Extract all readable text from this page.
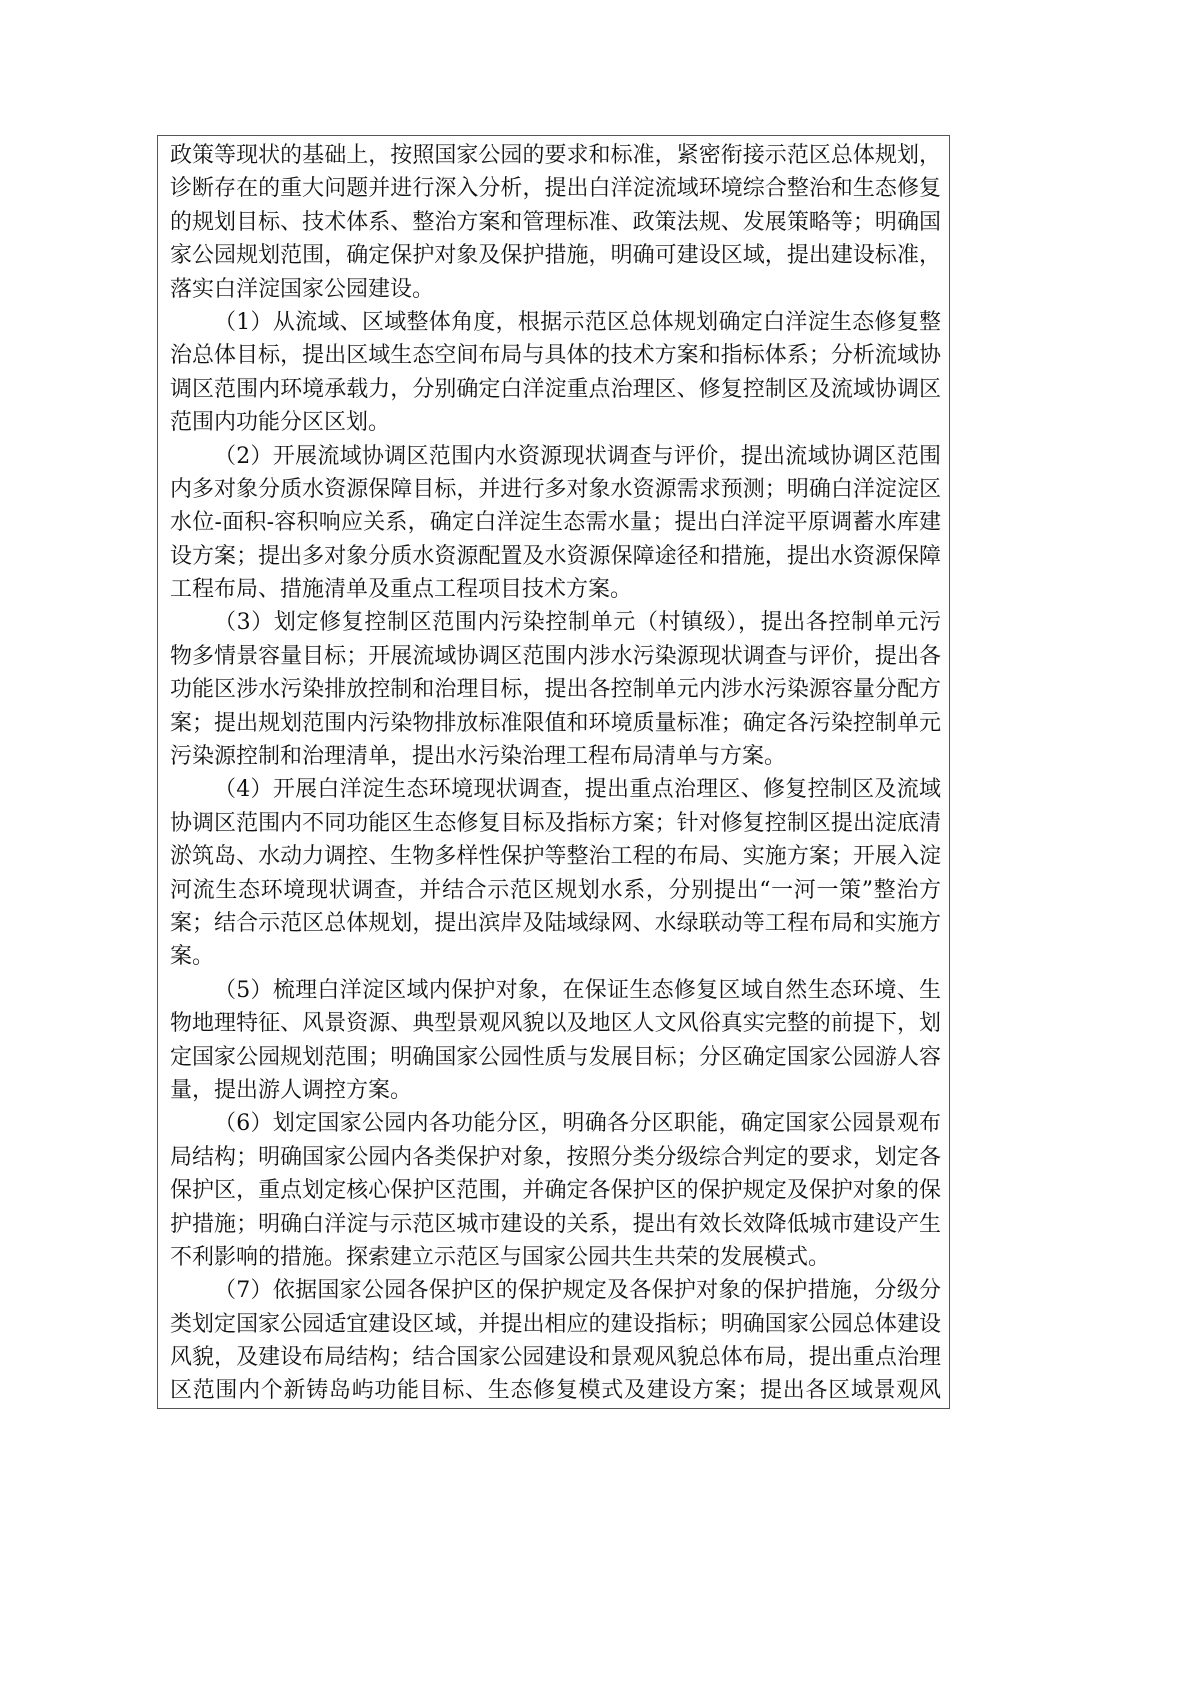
政策等现状的基础上，按照国家公园的要求和标准，紧密衔接示范区总体规划，
诊断存在的重大问题并进行深入分析，提出白洋淀流域环境综合整治和生态修复
的规划目标、技术体系、整治方案和管理标准、政策法规、发展策略等；明确国
家公园规划范围，确定保护对象及保护措施，明确可建设区域，提出建设标准，
落实白洋淀国家公园建设。
（1）从流域、区域整体角度，根据示范区总体规划确定白洋淀生态修复整
治总体目标，提出区域生态空间布局与具体的技术方案和指标体系；分析流域协
调区范围内环境承载力，分别确定白洋淀重点治理区、修复控制区及流域协调区
范围内功能分区区划。
（2）开展流域协调区范围内水资源现状调查与评价，提出流域协调区范围
内多对象分质水资源保障目标，并进行多对象水资源需求预测；明确白洋淀淀区
水位-面积-容积响应关系，确定白洋淀生态需水量；提出白洋淀平原调蓄水库建
设方案；提出多对象分质水资源配置及水资源保障途径和措施，提出水资源保障
工程布局、措施清单及重点工程项目技术方案。
（3）划定修复控制区范围内污染控制单元（村镇级），提出各控制单元污
物多情景容量目标；开展流域协调区范围内涉水污染源现状调查与评价，提出各
功能区涉水污染排放控制和治理目标，提出各控制单元内涉水污染源容量分配方
案；提出规划范围内污染物排放标准限值和环境质量标准；确定各污染控制单元
污染源控制和治理清单，提出水污染治理工程布局清单与方案。
（4）开展白洋淀生态环境现状调查，提出重点治理区、修复控制区及流域
协调区范围内不同功能区生态修复目标及指标方案；针对修复控制区提出淀底清
淤筑岛、水动力调控、生物多样性保护等整治工程的布局、实施方案；开展入淀
河流生态环境现状调查，并结合示范区规划水系，分别提出“一河一策”整治方
案；结合示范区总体规划，提出滨岸及陆域绿网、水绿联动等工程布局和实施方
案。
（5）梳理白洋淀区域内保护对象，在保证生态修复区域自然生态环境、生
物地理特征、风景资源、典型景观风貌以及地区人文风俗真实完整的前提下，划
定国家公园规划范围；明确国家公园性质与发展目标；分区确定国家公园游人容
量，提出游人调控方案。
（6）划定国家公园内各功能分区，明确各分区职能，确定国家公园景观布
局结构；明确国家公园内各类保护对象，按照分类分级综合判定的要求，划定各
保护区，重点划定核心保护区范围，并确定各保护区的保护规定及保护对象的保
护措施；明确白洋淀与示范区城市建设的关系，提出有效长效降低城市建设产生
不利影响的措施。探索建立示范区与国家公园共生共荣的发展模式。
（7）依据国家公园各保护区的保护规定及各保护对象的保护措施，分级分
类划定国家公园适宜建设区域，并提出相应的建设指标；明确国家公园总体建设
风貌，及建设布局结构；结合国家公园建设和景观风貌总体布局，提出重点治理
区范围内个新铸岛屿功能目标、生态修复模式及建设方案；提出各区域景观风
